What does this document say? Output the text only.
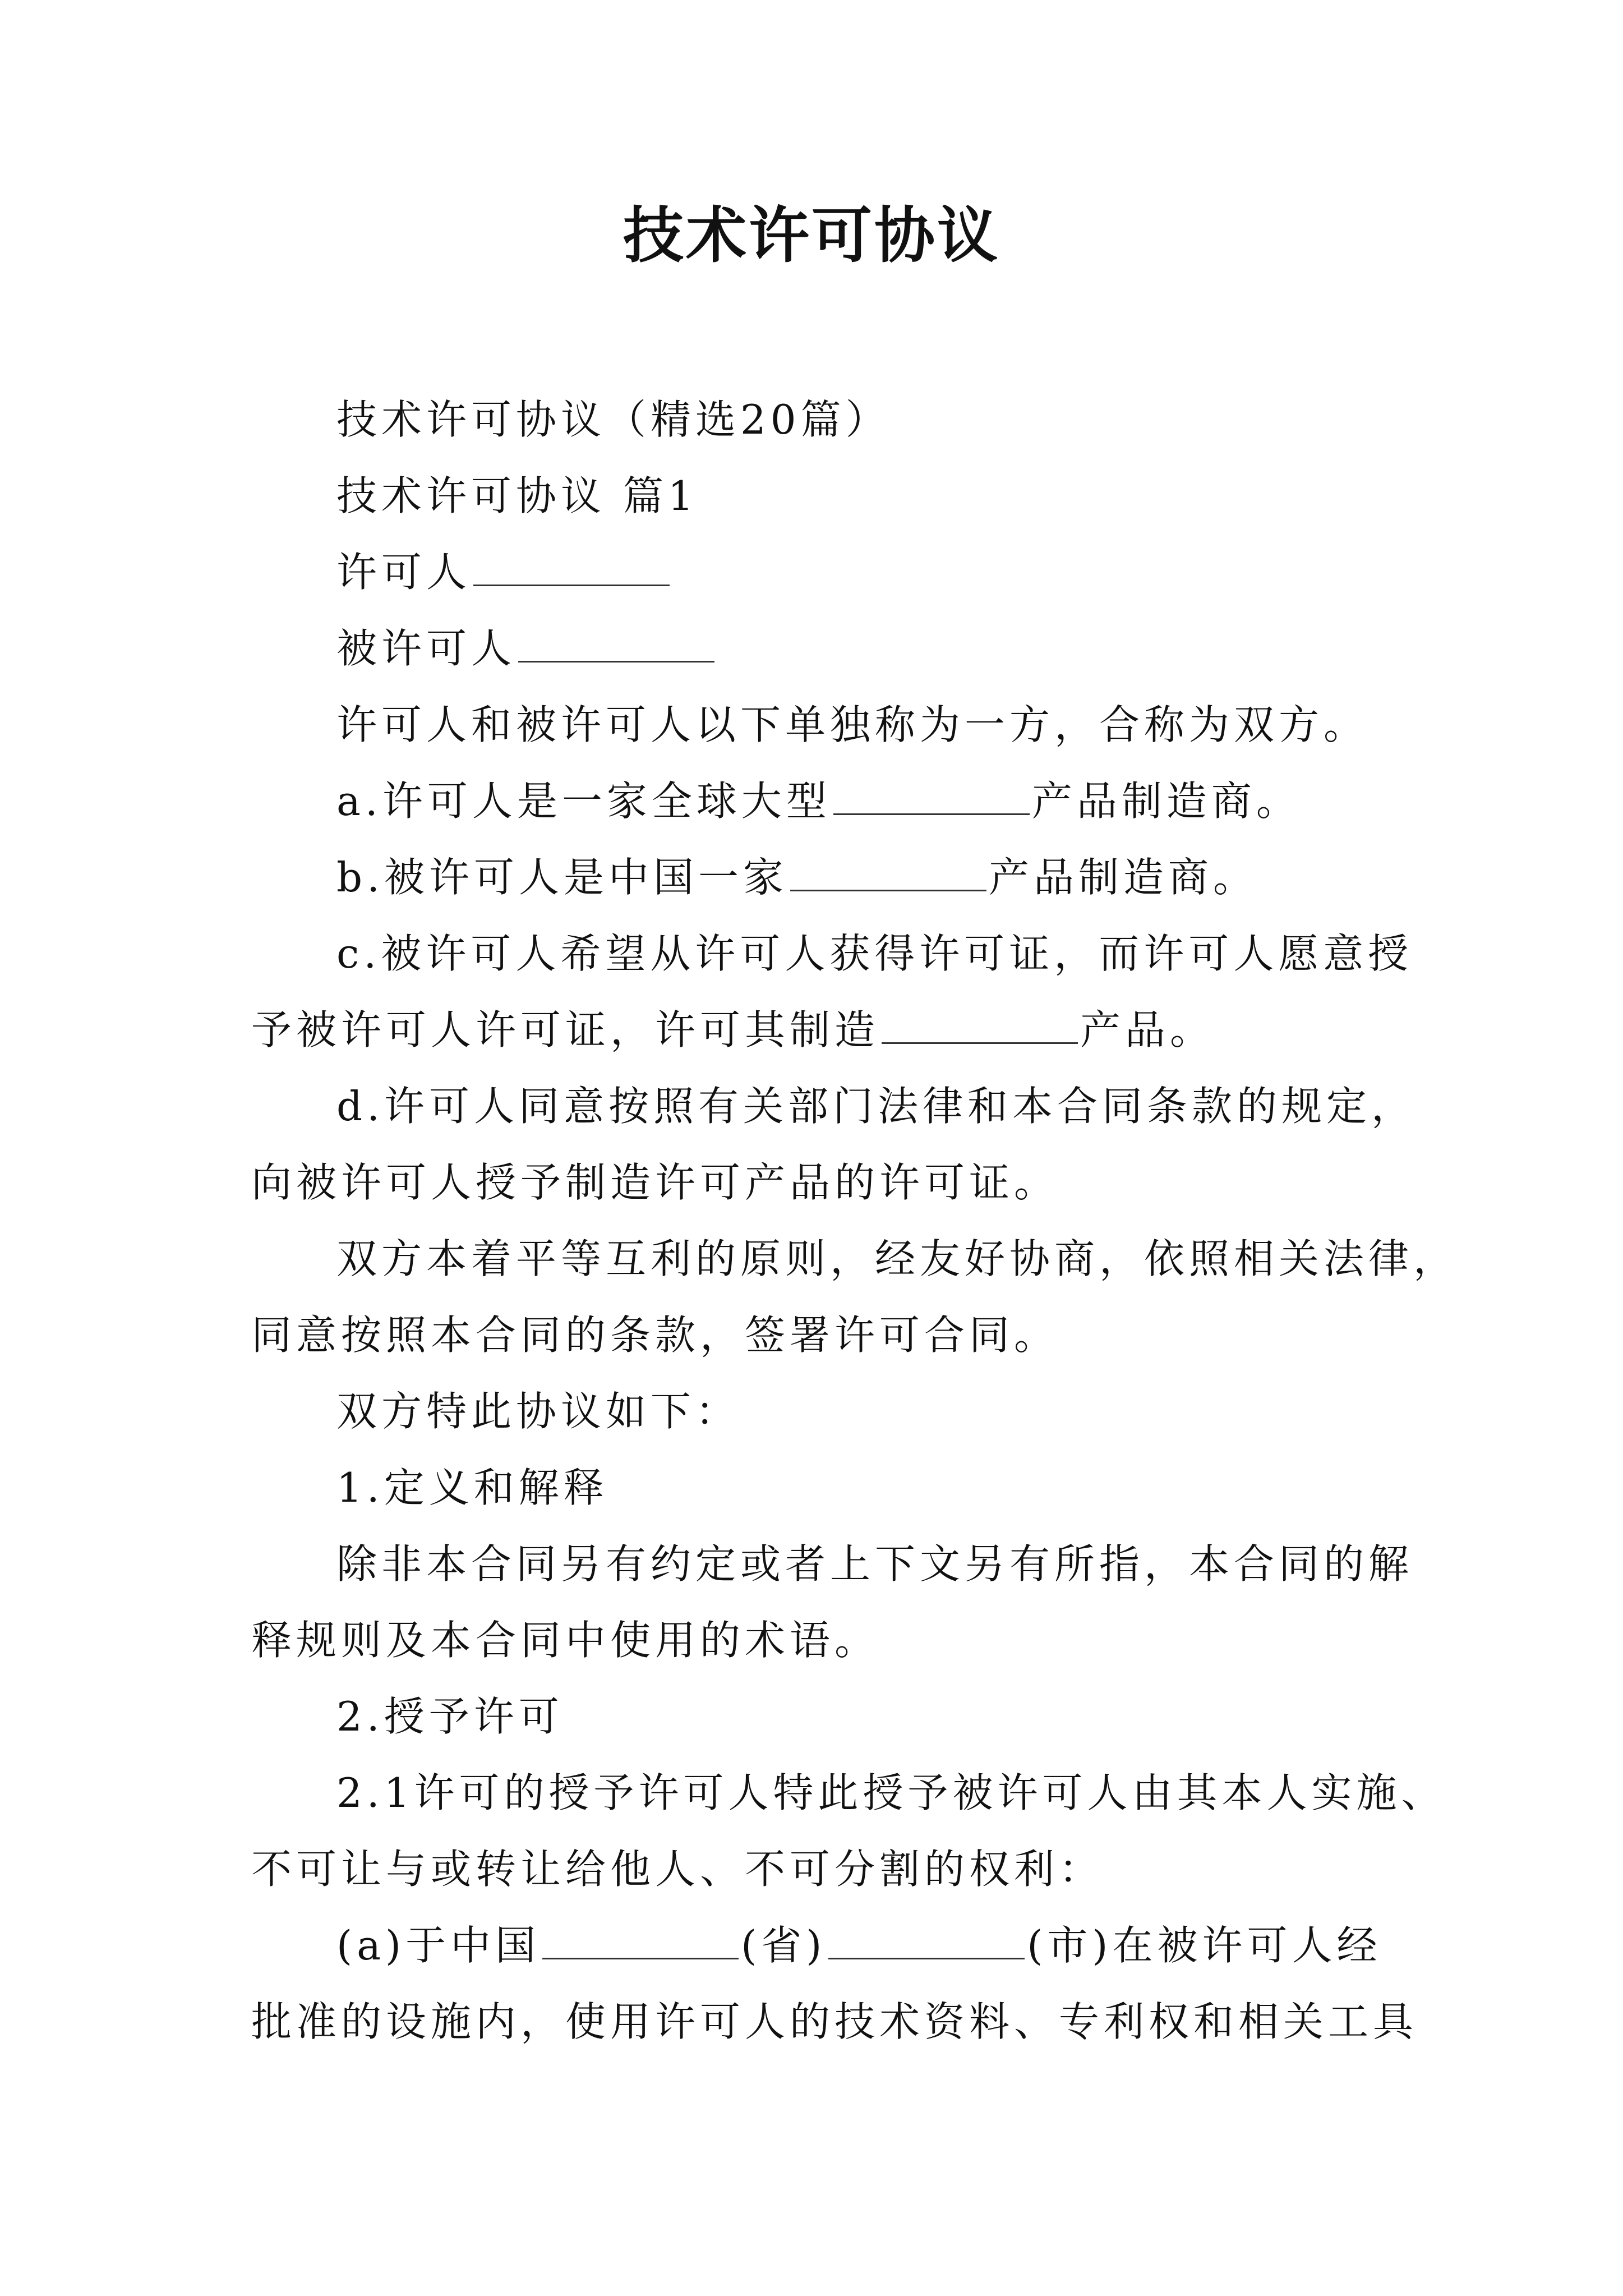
技术许可协议

技术许可协议（精选20篇）

技术许可协议 篇1

许可人

被许可人

许可人和被许可人以下单独称为一方，合称为双方。

a.许可人是一家全球大型	产品制造商。

b.被许可人是中国一家	产品制造商。

c.被许可人希望从许可人获得许可证，而许可人愿意授

予被许可人许可证，许可其制造	产品。

d.许可人同意按照有关部门法律和本合同条款的规定，

向被许可人授予制造许可产品的许可证。

双方本着平等互利的原则，经友好协商，依照相关法律，

同意按照本合同的条款，签署许可合同。

双方特此协议如下：

1.定义和解释

除非本合同另有约定或者上下文另有所指，本合同的解

释规则及本合同中使用的术语。

2.授予许可

2.1许可的授予许可人特此授予被许可人由其本人实施、

不可让与或转让给他人、不可分割的权利：

(a)于中国	(省)	(市)在被许可人经

批准的设施内，使用许可人的技术资料、专利权和相关工具
